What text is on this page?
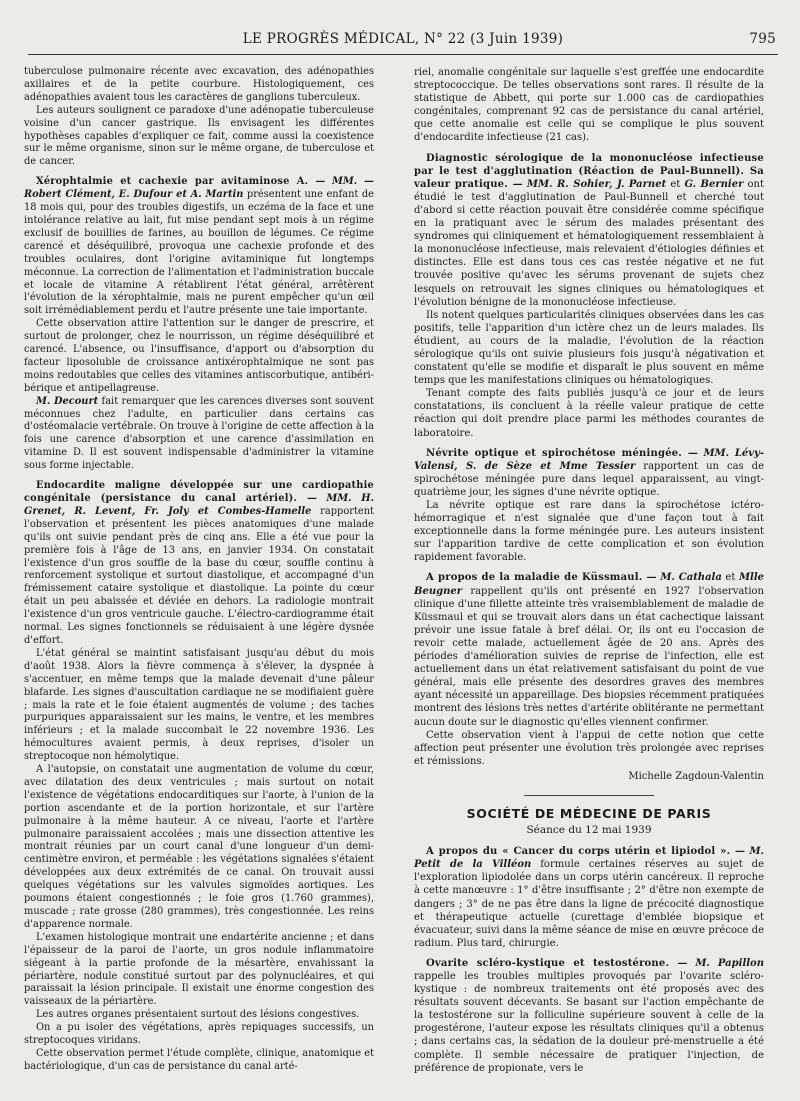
LE PROGRÈS MÉDICAL, N° 22 (3 Juin 1939)	795

tuberculose pulmonaire récente avec excavation, des adénopathies axillaires et de la petite courbure. Histologiquement, ces adénopathies avaient tous les caractères de ganglions tuberculeux.

Les auteurs soulignent ce paradoxe d'une adénopatie tuberculeuse voisine d'un cancer gastrique. Ils envisagent les différentes hypothèses capables d'expliquer ce fait, comme aussi la coexistence sur le même organisme, sinon sur le même organe, de tuberculose et de cancer.

Xérophtalmie et cachexie par avitaminose A. — MM. —Robert Clément, E. Dufour et A. Martin présentent une enfant de 18 mois qui, pour des troubles digestifs, un eczéma de la face et une intolérance relative au lait, fut mise pendant sept mois à un régime exclusif de bouillies de farines, au bouillon de légumes. Ce régime carencé et déséquilibré, provoqua une cachexie profonde et des troubles oculaires, dont l'origine avitaminique fut longtemps méconnue. La correction de l'alimentation et l'administration buccale et locale de vitamine A rétablirent l'état général, arrêtèrent l'évolution de la xérophtalmie, mais ne purent empêcher qu'un œil soit irrémédiablement perdu et l'autre présente une taie importante.

Cette observation attire l'attention sur le danger de prescrire, et surtout de prolonger, chez le nourrisson, un régime déséquilibré et carencé. L'absence, ou l'insuffisance, d'apport ou d'absorption du facteur liposoluble de croissance antixérophtalmique ne sont pas moins redoutables que celles des vitamines antiscorbutique, antibéri-bérique et antipellagreuse.

M. Decourt fait remarquer que les carences diverses sont souvent méconnues chez l'adulte, en particulier dans certains cas d'ostéomalacie vertébrale. On trouve à l'origine de cette affection à la fois une carence d'absorption et une carence d'assimilation en vitamine D. Il est souvent indispensable d'administrer la vitamine sous forme injectable.

Endocardite maligne développée sur une cardiopathie congénitale (persistance du canal artériel). — MM. H. Grenet, R. Levent, Fr. Joly et Combes-Hamelle rapportent l'observation et présentent les pièces anatomiques d'une malade qu'ils ont suivie pendant près de cinq ans. Elle a été vue pour la première fois à l'âge de 13 ans, en janvier 1934. On constatait l'existence d'un gros souffle de la base du cœur, souffle continu à renforcement systolique et surtout diastolique, et accompagné d'un frémissement cataire systolique et diastolique. La pointe du cœur était un peu abaissée et déviée en dehors. La radiologie montrait l'existence d'un gros ventricule gauche. L'électro-cardiogramme était normal. Les signes fonctionnels se réduisaient à une légère dysnée d'effort.

L'état général se maintint satisfaisant jusqu'au début du mois d'août 1938. Alors la fièvre commença à s'élever, la dyspnée à s'accentuer, en même temps que la malade devenait d'une pâleur blafarde. Les signes d'auscultation cardiaque ne se modifiaient guère ; mais la rate et le foie étaient augmentés de volume ; des taches purpuriques apparaissaient sur les mains, le ventre, et les membres inférieurs ; et la malade succombait le 22 novembre 1936. Les hémocultures avaient permis, à deux reprises, d'isoler un streptocoque non hémolytique.

A l'autopsie, on constatait une augmentation de volume du cœur, avec dilatation des deux ventricules ; mais surtout on notait l'existence de végétations endocarditiques sur l'aorte, à l'union de la portion ascendante et de la portion horizontale, et sur l'artère pulmonaire à la même hauteur. A ce niveau, l'aorte et l'artère pulmonaire paraissaient accolées ; mais une dissection attentive les montrait réunies par un court canal d'une longueur d'un demi-centimètre environ, et perméable : les végétations signalées s'étaient développées aux deux extrémités de ce canal. On trouvait aussi quelques végétations sur les valvules sigmoïdes aortiques. Les poumons étaient congestionnés ; le foie gros (1.760 grammes), muscade ; rate grosse (280 grammes), très congestionnée. Les reins d'apparence normale.

L'examen histologique montrait une endartérite ancienne ; et dans l'épaisseur de la paroi de l'aorte, un gros nodule inflammatoire siégeant à la partie profonde de la mésartère, envahissant la périartère, nodule constitué surtout par des polynucléaires, et qui paraissait la lésion principale. Il existait une énorme congestion des vaisseaux de la périartère.

Les autres organes présentaient surtout des lésions congestives.

On a pu isoler des végétations, après repiquages successifs, un streptocoques viridans.

Cette observation permet l'étude complète, clinique, anatomique et bactériologique, d'un cas de persistance du canal arté-

riel, anomalie congénitale sur laquelle s'est greffée une endocardite streptococcique. De telles observations sont rares. Il résulte de la statistique de Abbett, qui porte sur 1.000 cas de cardiopathies congénitales, comprenant 92 cas de persistance du canal artériel, que cette anomalie est celle qui se complique le plus souvent d'endocardite infectieuse (21 cas).

Diagnostic sérologique de la mononucléose infectieuse par le test d'agglutination (Réaction de Paul-Bunnell). Sa valeur pratique. — MM. R. Sohier, J. Parnet et G. Bernier ont étudié le test d'agglutination de Paul-Bunnell et cherché tout d'abord si cette réaction pouvait être considérée comme spécifique en la pratiquant avec le sérum des malades présentant des syndromes qui cliniquement et hématologiquement ressemblaient à la mononucléose infectieuse, mais relevaient d'étiologies définies et distinctes. Elle est dans tous ces cas restée négative et ne fut trouvée positive qu'avec les sérums provenant de sujets chez lesquels on retrouvait les signes cliniques ou hématologiques et l'évolution bénigne de la mononucléose infectieuse.

Ils notent quelques particularités cliniques observées dans les cas positifs, telle l'apparition d'un ictère chez un de leurs malades. Ils étudient, au cours de la maladie, l'évolution de la réaction sérologique qu'ils ont suivie plusieurs fois jusqu'à négativation et constatent qu'elle se modifie et disparaît le plus souvent en même temps que les manifestations cliniques ou hématologiques.

Tenant compte des faits publiés jusqu'à ce jour et de leurs constatations, ils concluent à la réelle valeur pratique de cette réaction qui doit prendre place parmi les méthodes courantes de laboratoire.

Névrite optique et spirochétose méningée. — MM. Lévy-Valensi, S. de Sèze et Mme Tessier rapportent un cas de spirochétose méningée pure dans lequel apparaissent, au vingt-quatrième jour, les signes d'une névrite optique.

La névrite optique est rare dans la spirochétose ictéro-hémorragique et n'est signalée que d'une façon tout à fait exceptionnelle dans la forme méningée pure. Les auteurs insistent sur l'apparition tardive de cette complication et son évolution rapidement favorable.

A propos de la maladie de Küssmaul. — M. Cathala et Mlle Beugner rappellent qu'ils ont présenté en 1927 l'observation clinique d'une fillette atteinte très vraisemblablement de maladie de Küssmaul et qui se trouvait alors dans un état cachectique laissant prévoir une issue fatale à bref délai. Or, ils ont eu l'occasion de revoir cette malade, actuellement âgée de 20 ans. Après des périodes d'amélioration suivies de reprise de l'infection, elle est actuellement dans un état relativement satisfaisant du point de vue général, mais elle présente des desordres graves des membres ayant nécessité un appareillage. Des biopsies récemment pratiquées montrent des lésions très nettes d'artérite oblitérante ne permettant aucun doute sur le diagnostic qu'elles viennent confirmer.

Cette observation vient à l'appui de cette notion que cette affection peut présenter une évolution très prolongée avec reprises et rémissions.

Michelle Zagdoun-Valentin
SOCIÉTÉ DE MÉDECINE DE PARIS
Séance du 12 mai 1939

A propos du « Cancer du corps utérin et lipiodol ». — M. Petit de la Villéon formule certaines réserves au sujet de l'exploration lipiodolée dans un corps utérin cancéreux. Il reproche à cette manœuvre : 1° d'être insuffisante ; 2° d'être non exempte de dangers ; 3° de ne pas être dans la ligne de précocité diagnostique et thérapeutique actuelle (curettage d'emblée biopsique et évacuateur, suivi dans la même séance de mise en œuvre précoce de radium. Plus tard, chirurgie.

Ovarite scléro-kystique et testostérone. — M. Papillon rappelle les troubles multiples provoqués par l'ovarite scléro-kystique : de nombreux traitements ont été proposés avec des résultats souvent décevants. Se basant sur l'action empêchante de la testostérone sur la folliculine supérieure souvent à celle de la progestérone, l'auteur expose les résultats cliniques qu'il a obtenus ; dans certains cas, la sédation de la douleur pré-menstruelle a été complète. Il semble nécessaire de pratiquer l'injection, de préférence de propionate, vers le
